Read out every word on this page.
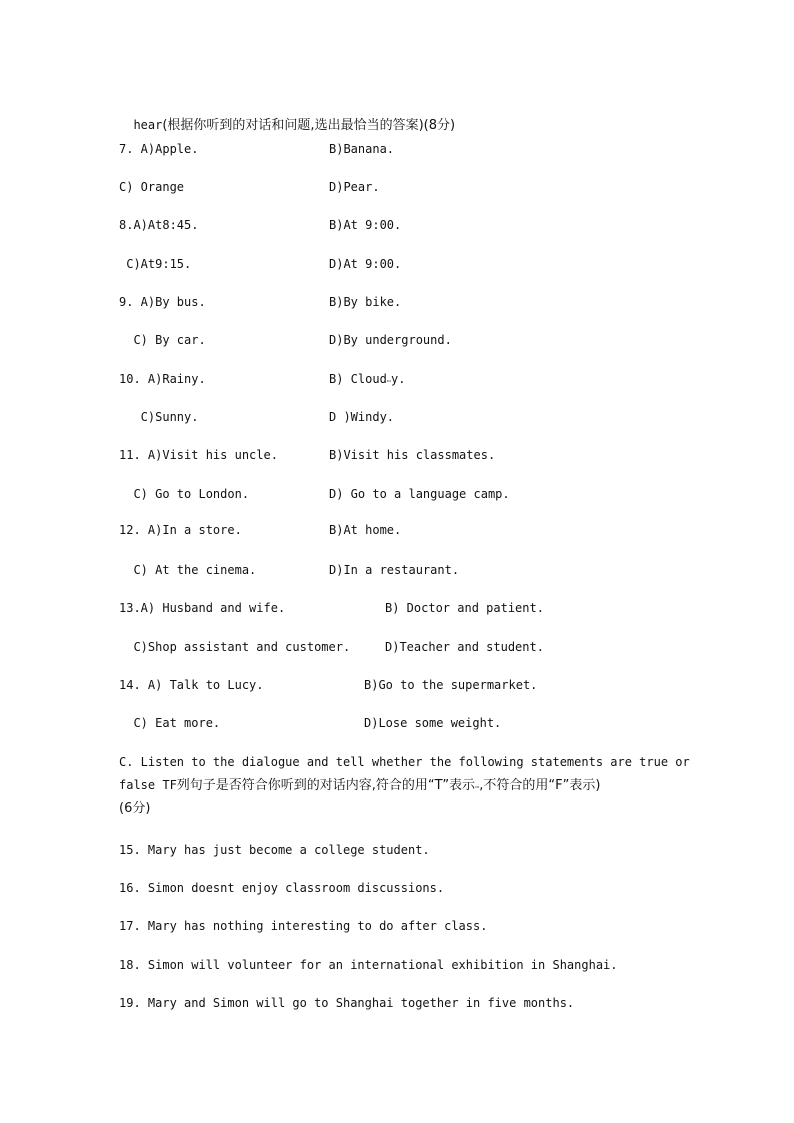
hear(根据你听到的对话和问题,选出最恰当的答案)(8分)

7. A)Apple.	B)Banana.
C) Orange	D)Pear.
8.A)At8:45.	B)At 9:00.
C)At9:15.	D)At 9:00.
9. A)By bus.	B)By bike.
C) By car.	D)By underground.
10. A)Rainy.	B) Cloud…y.
C)Sunny.	D )Windy.
11. A)Visit his uncle.	B)Visit his classmates.
C) Go to London.	D) Go to a language camp.
12. A)In a store.	B)At home.
C) At the cinema.	D)In a restaurant.
13.A) Husband and wife.	B) Doctor and patient.
C)Shop assistant and customer.	D)Teacher and student.
14. A) Talk to Lucy.	B)Go to the supermarket.
C) Eat more.	D)Lose some weight.
C. Listen to the dialogue and tell whether the following statements are true or
false TF列句子是否符合你听到的对话内容,符合的用“T”表示…,不符合的用“F”表示)
(6分)
15. Mary has just become a college student.
16. Simon doesnt enjoy classroom discussions.
17. Mary has nothing interesting to do after class.
18. Simon will volunteer for an international exhibition in Shanghai.
19. Mary and Simon will go to Shanghai together in five months.
